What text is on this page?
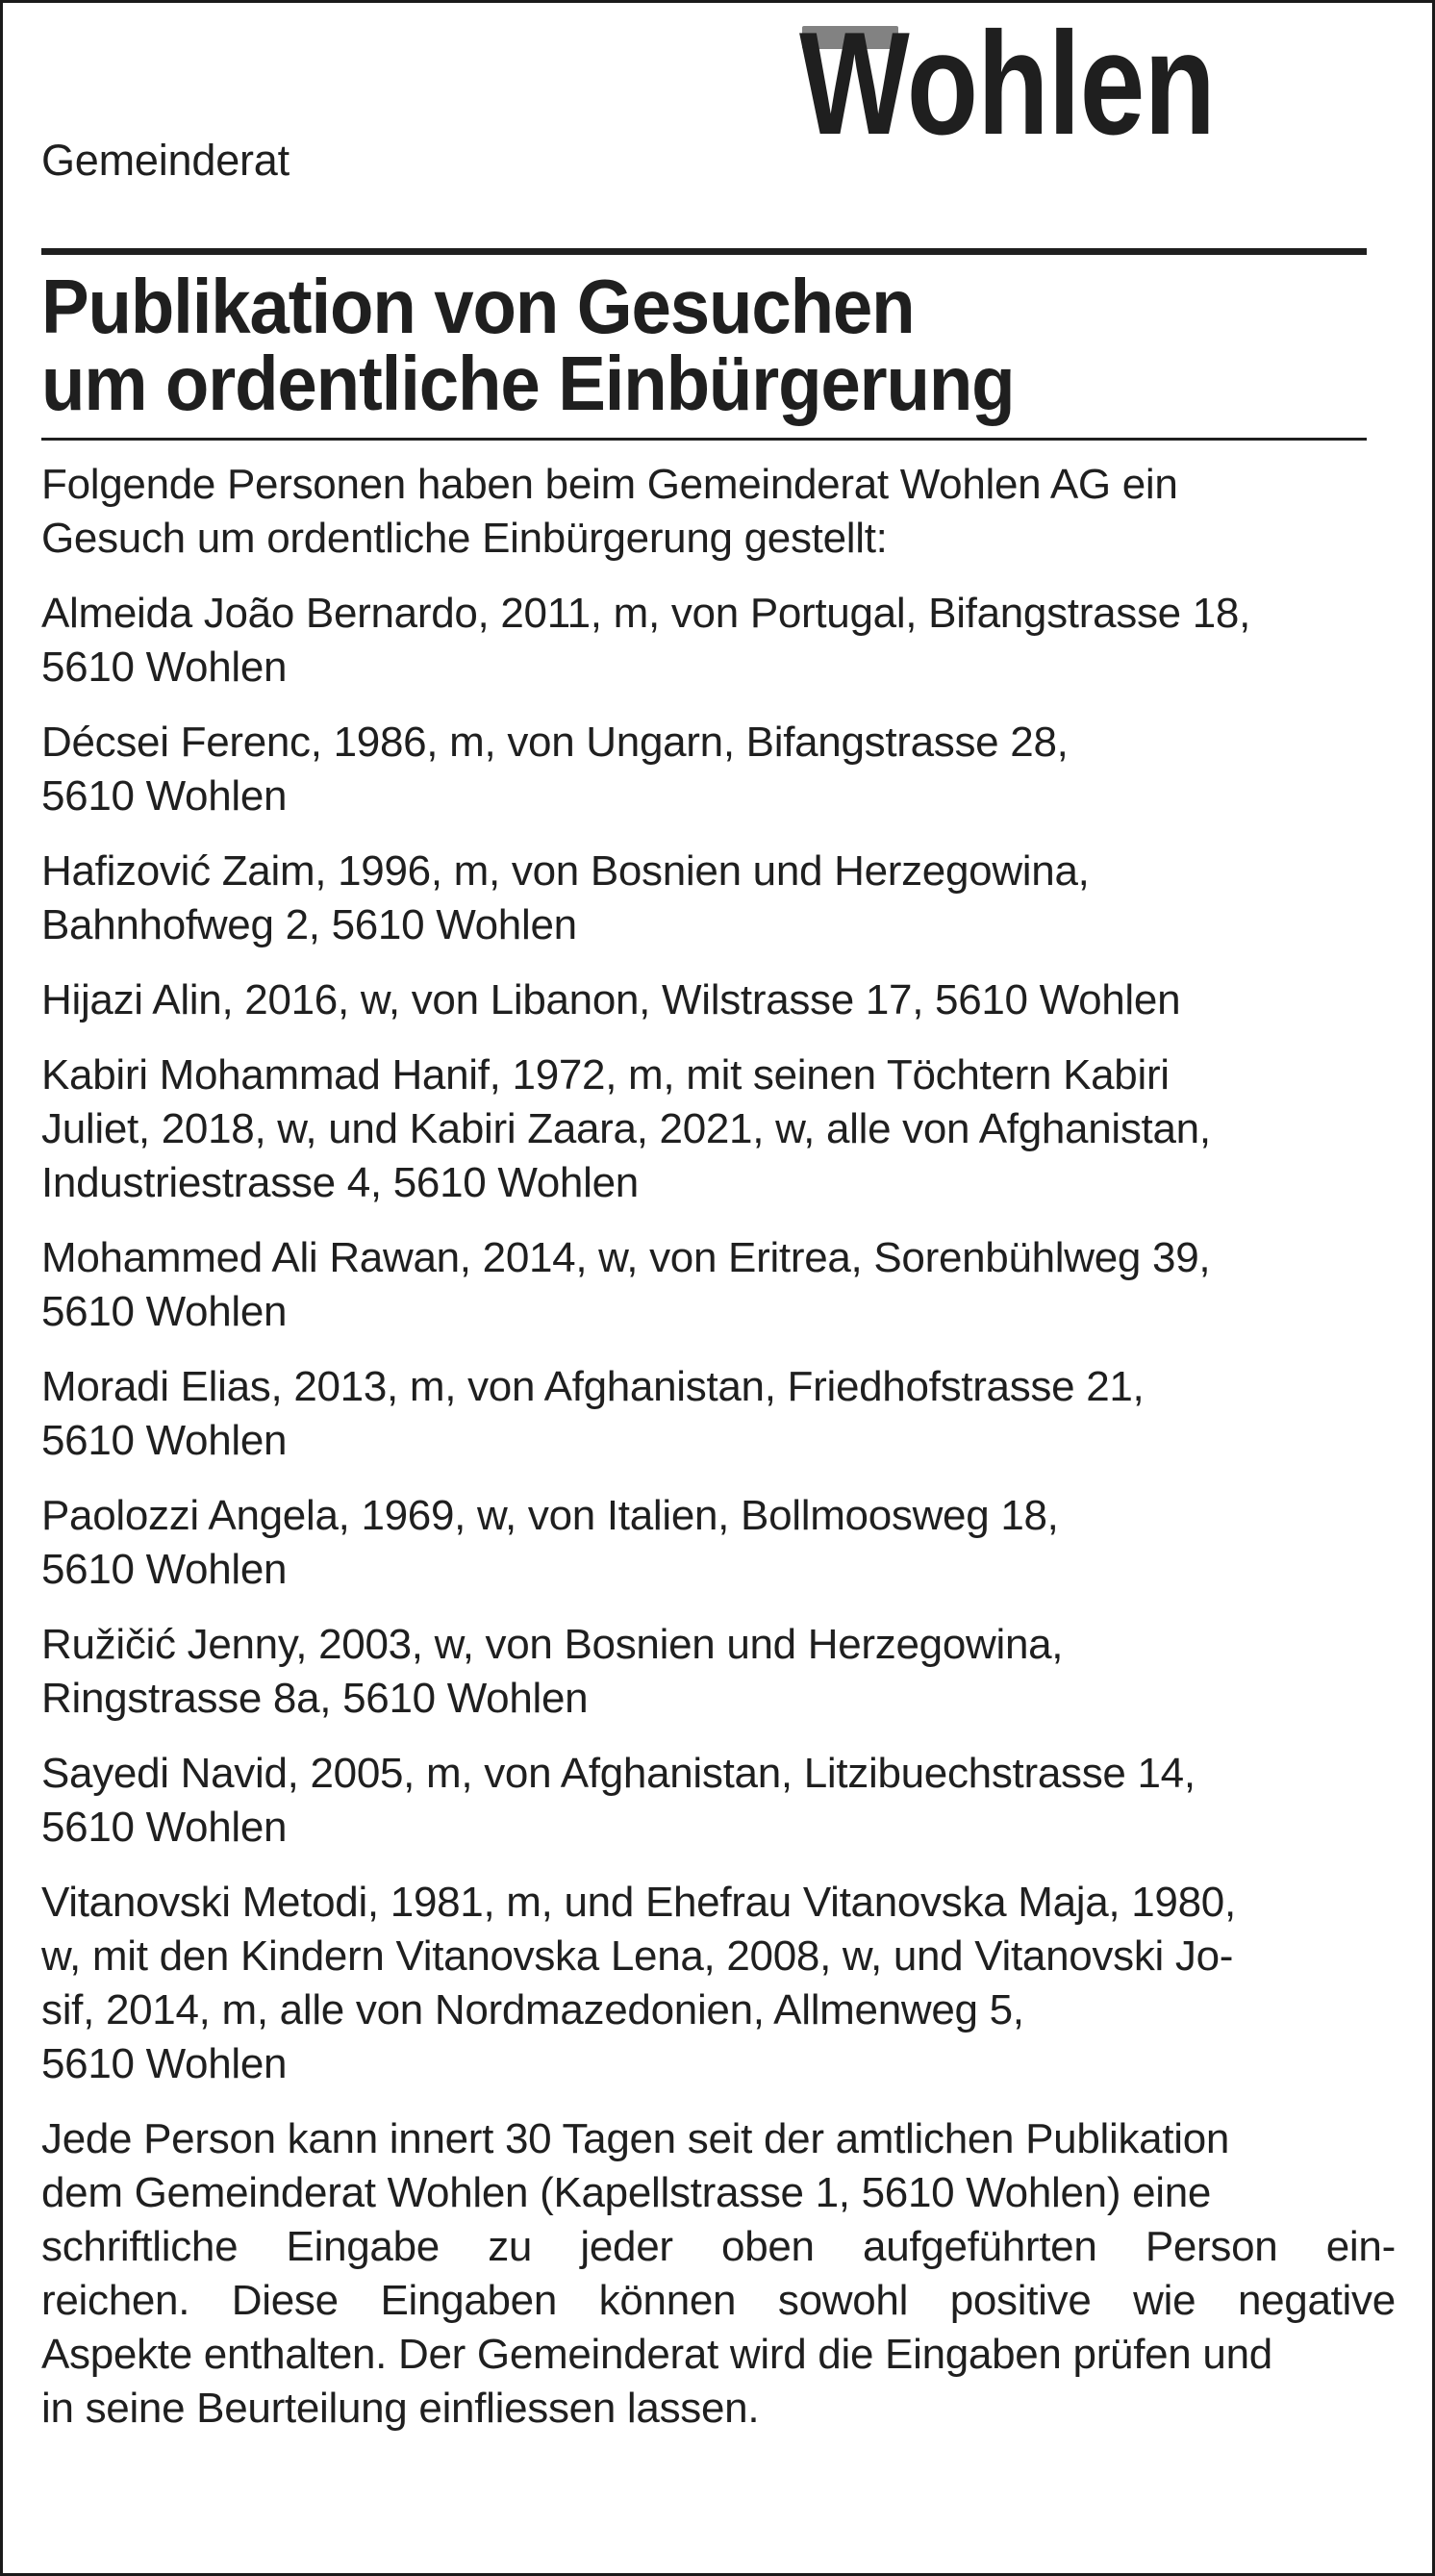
Gemeinderat	Wohlen
Publikation von Gesuchen
um ordentliche Einbürgerung

Folgende Personen haben beim Gemeinderat Wohlen AG ein
Gesuch um ordentliche Einbürgerung gestellt:

Almeida João Bernardo, 2011, m, von Portugal, Bifangstrasse 18,
5610 Wohlen

Décsei Ferenc, 1986, m, von Ungarn, Bifangstrasse 28,
5610 Wohlen

Hafizović Zaim, 1996, m, von Bosnien und Herzegowina,
Bahnhofweg 2, 5610 Wohlen

Hijazi Alin, 2016, w, von Libanon, Wilstrasse 17, 5610 Wohlen

Kabiri Mohammad Hanif, 1972, m, mit seinen Töchtern Kabiri
Juliet, 2018, w, und Kabiri Zaara, 2021, w, alle von Afghanistan,
Industriestrasse 4, 5610 Wohlen

Mohammed Ali Rawan, 2014, w, von Eritrea, Sorenbühlweg 39,
5610 Wohlen

Moradi Elias, 2013, m, von Afghanistan, Friedhofstrasse 21,
5610 Wohlen

Paolozzi Angela, 1969, w, von Italien, Bollmoosweg 18,
5610 Wohlen

Ružičić Jenny, 2003, w, von Bosnien und Herzegowina,
Ringstrasse 8a, 5610 Wohlen

Sayedi Navid, 2005, m, von Afghanistan, Litzibuechstrasse 14,
5610 Wohlen

Vitanovski Metodi, 1981, m, und Ehefrau Vitanovska Maja, 1980,
w, mit den Kindern Vitanovska Lena, 2008, w, und Vitanovski Jo-
sif, 2014, m, alle von Nordmazedonien, Allmenweg 5,
5610 Wohlen

Jede Person kann innert 30 Tagen seit der amtlichen Publikation
dem Gemeinderat Wohlen (Kapellstrasse 1, 5610 Wohlen) eine
schriftliche Eingabe zu jeder oben aufgeführten Person ein-
reichen. Diese Eingaben können sowohl positive wie negative
Aspekte enthalten. Der Gemeinderat wird die Eingaben prüfen und
in seine Beurteilung einfliessen lassen.
